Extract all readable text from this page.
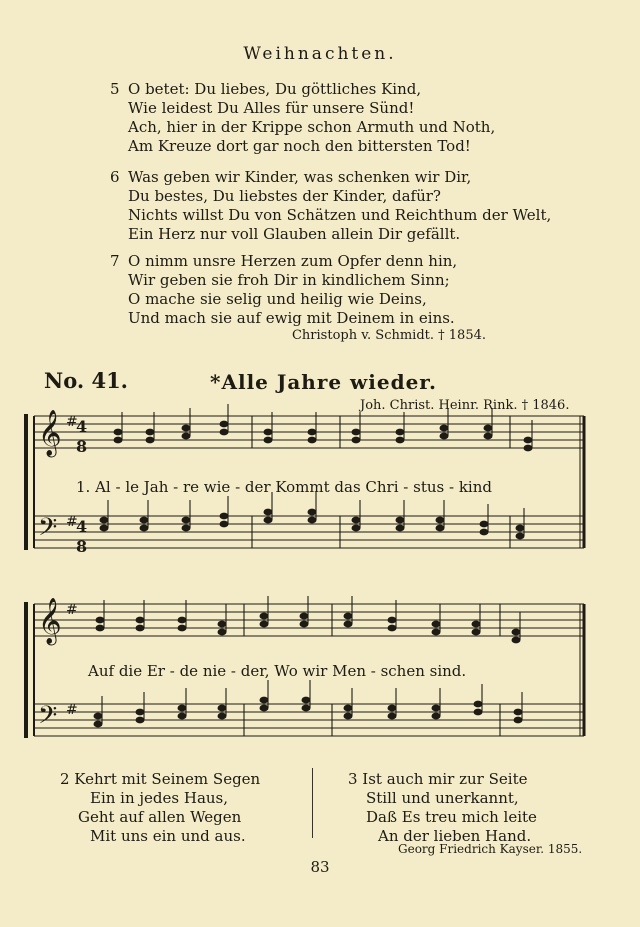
Weihnachten.
5 O betet: Du liebes, Du göttliches Kind,
Wie leidest Du Alles für unsere Sünd!
Ach, hier in der Krippe schon Armuth und Noth,
Am Kreuze dort gar noch den bittersten Tod!
6 Was geben wir Kinder, was schenken wir Dir,
Du bestes, Du liebstes der Kinder, dafür?
Nichts willst Du von Schätzen und Reichthum der Welt,
Ein Herz nur voll Glauben allein Dir gefällt.
7 O nimm unsre Herzen zum Opfer denn hin,
Wir geben sie froh Dir in kindlichem Sinn;
O mache sie selig und heilig wie Deins,
Und mach sie auf ewig mit Deinem in eins.
Christoph v. Schmidt. † 1854.
No. 41.	*Alle Jahre wieder.
Joh. Christ. Heinr. Rink. † 1846.
𝄞
𝄢
𝄞
𝄢
#
#
#
#
4
8
4
8
1. Al - le Jah - re wie - der Kommt das Chri - stus - kind
Auf die Er - de nie - der, Wo wir Men - schen sind.
2 Kehrt mit Seinem Segen
Ein in jedes Haus,
Geht auf allen Wegen
Mit uns ein und aus.
3 Ist auch mir zur Seite
Still und unerkannt,
Daß Es treu mich leite
An der lieben Hand.
Georg Friedrich Kayser. 1855.
83
